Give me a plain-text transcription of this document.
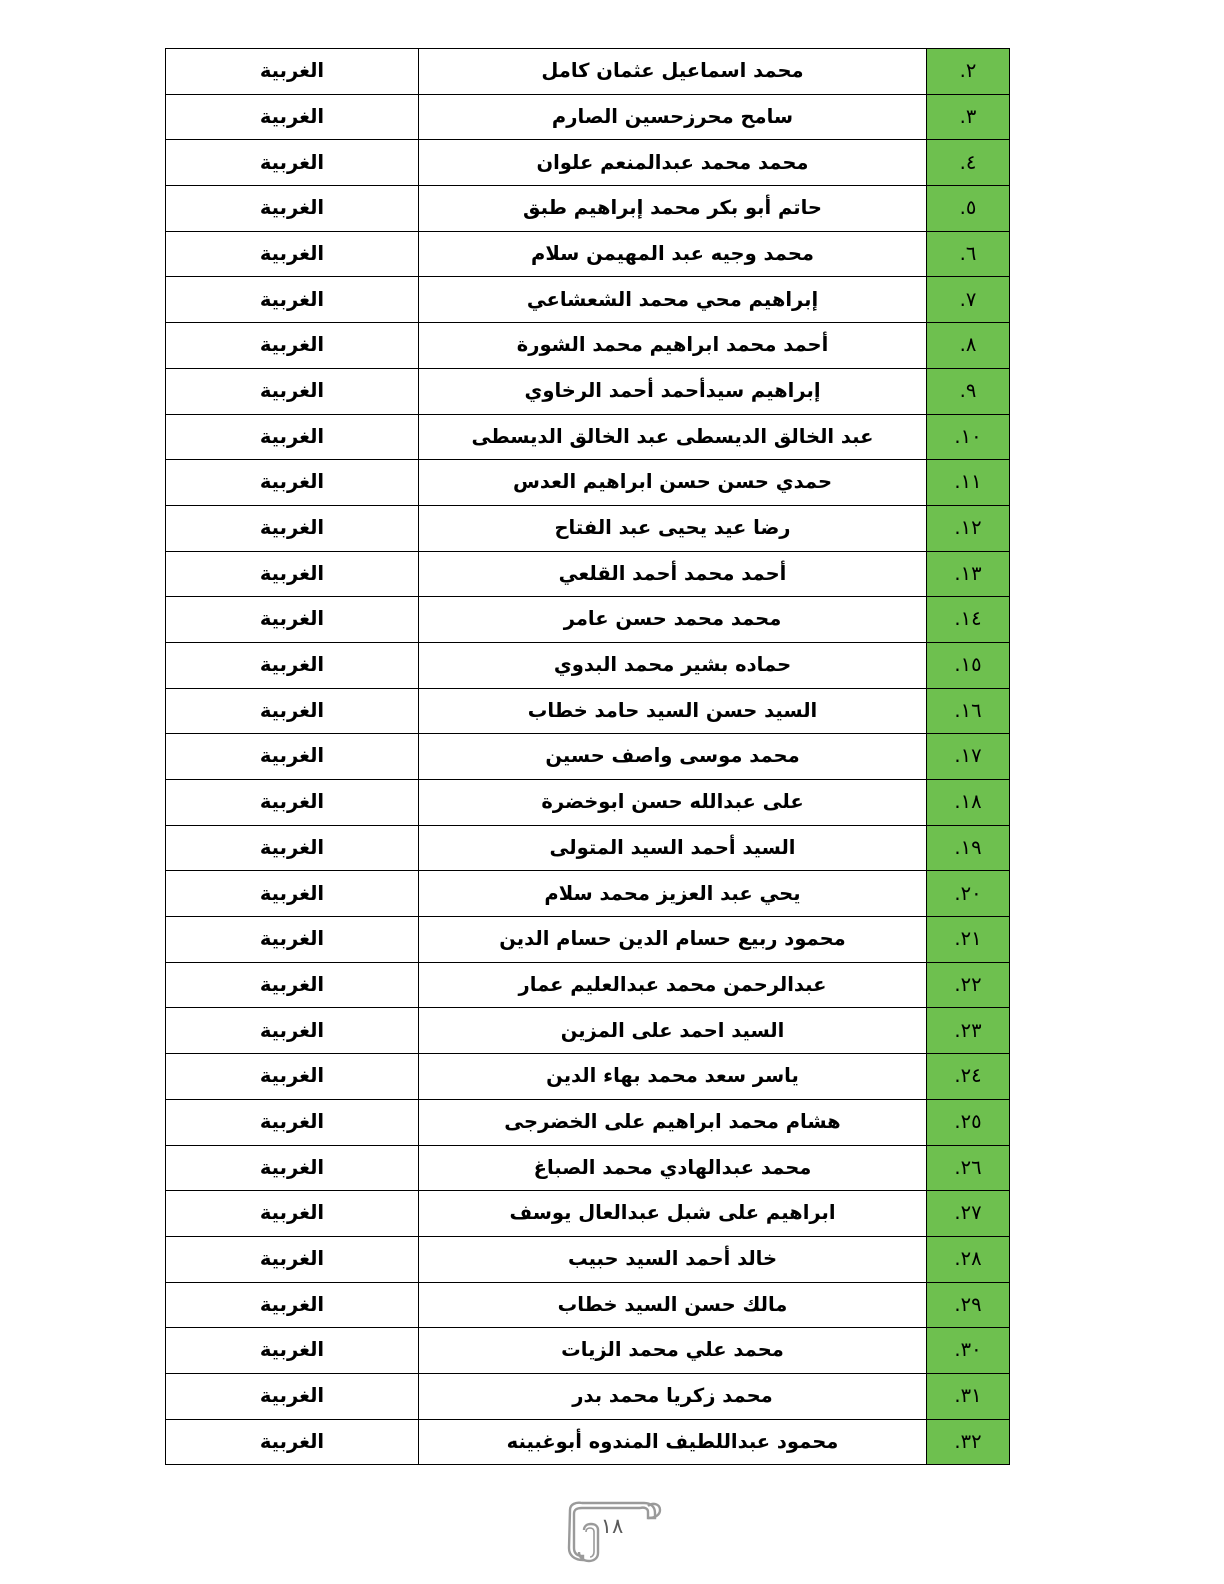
٢.	محمد اسماعيل عثمان كامل	الغربية
٣.	سامح محرزحسين الصارم	الغربية
٤.	محمد محمد عبدالمنعم علوان	الغربية
٥.	حاتم أبو بكر محمد إبراهيم طبق	الغربية
٦.	محمد وجيه عبد المهيمن سلام	الغربية
٧.	إبراهيم محي محمد الشعشاعي	الغربية
٨.	أحمد محمد ابراهيم محمد الشورة	الغربية
٩.	إبراهيم سيدأحمد أحمد الرخاوي	الغربية
١٠.	عبد الخالق الديسطى عبد الخالق الديسطى	الغربية
١١.	حمدي حسن حسن ابراهيم العدس	الغربية
١٢.	رضا عيد يحيى عبد الفتاح	الغربية
١٣.	أحمد محمد أحمد القلعي	الغربية
١٤.	محمد محمد حسن عامر	الغربية
١٥.	حماده بشير محمد البدوي	الغربية
١٦.	السيد حسن السيد حامد خطاب	الغربية
١٧.	محمد موسى واصف حسين	الغربية
١٨.	على عبدالله حسن ابوخضرة	الغربية
١٩.	السيد أحمد السيد المتولى	الغربية
٢٠.	يحي عبد العزيز محمد سلام	الغربية
٢١.	محمود ربيع حسام الدين حسام الدين	الغربية
٢٢.	عبدالرحمن محمد عبدالعليم عمار	الغربية
٢٣.	السيد احمد على المزين	الغربية
٢٤.	ياسر سعد محمد بهاء الدين	الغربية
٢٥.	هشام محمد ابراهيم على الخضرجى	الغربية
٢٦.	محمد عبدالهادي محمد الصباغ	الغربية
٢٧.	ابراهيم على شبل عبدالعال يوسف	الغربية
٢٨.	خالد أحمد السيد حبيب	الغربية
٢٩.	مالك حسن السيد خطاب	الغربية
٣٠.	محمد علي محمد الزيات	الغربية
٣١.	محمد زكريا محمد بدر	الغربية
٣٢.	محمود عبداللطيف المندوه أبوغبينه	الغربية
١٨
